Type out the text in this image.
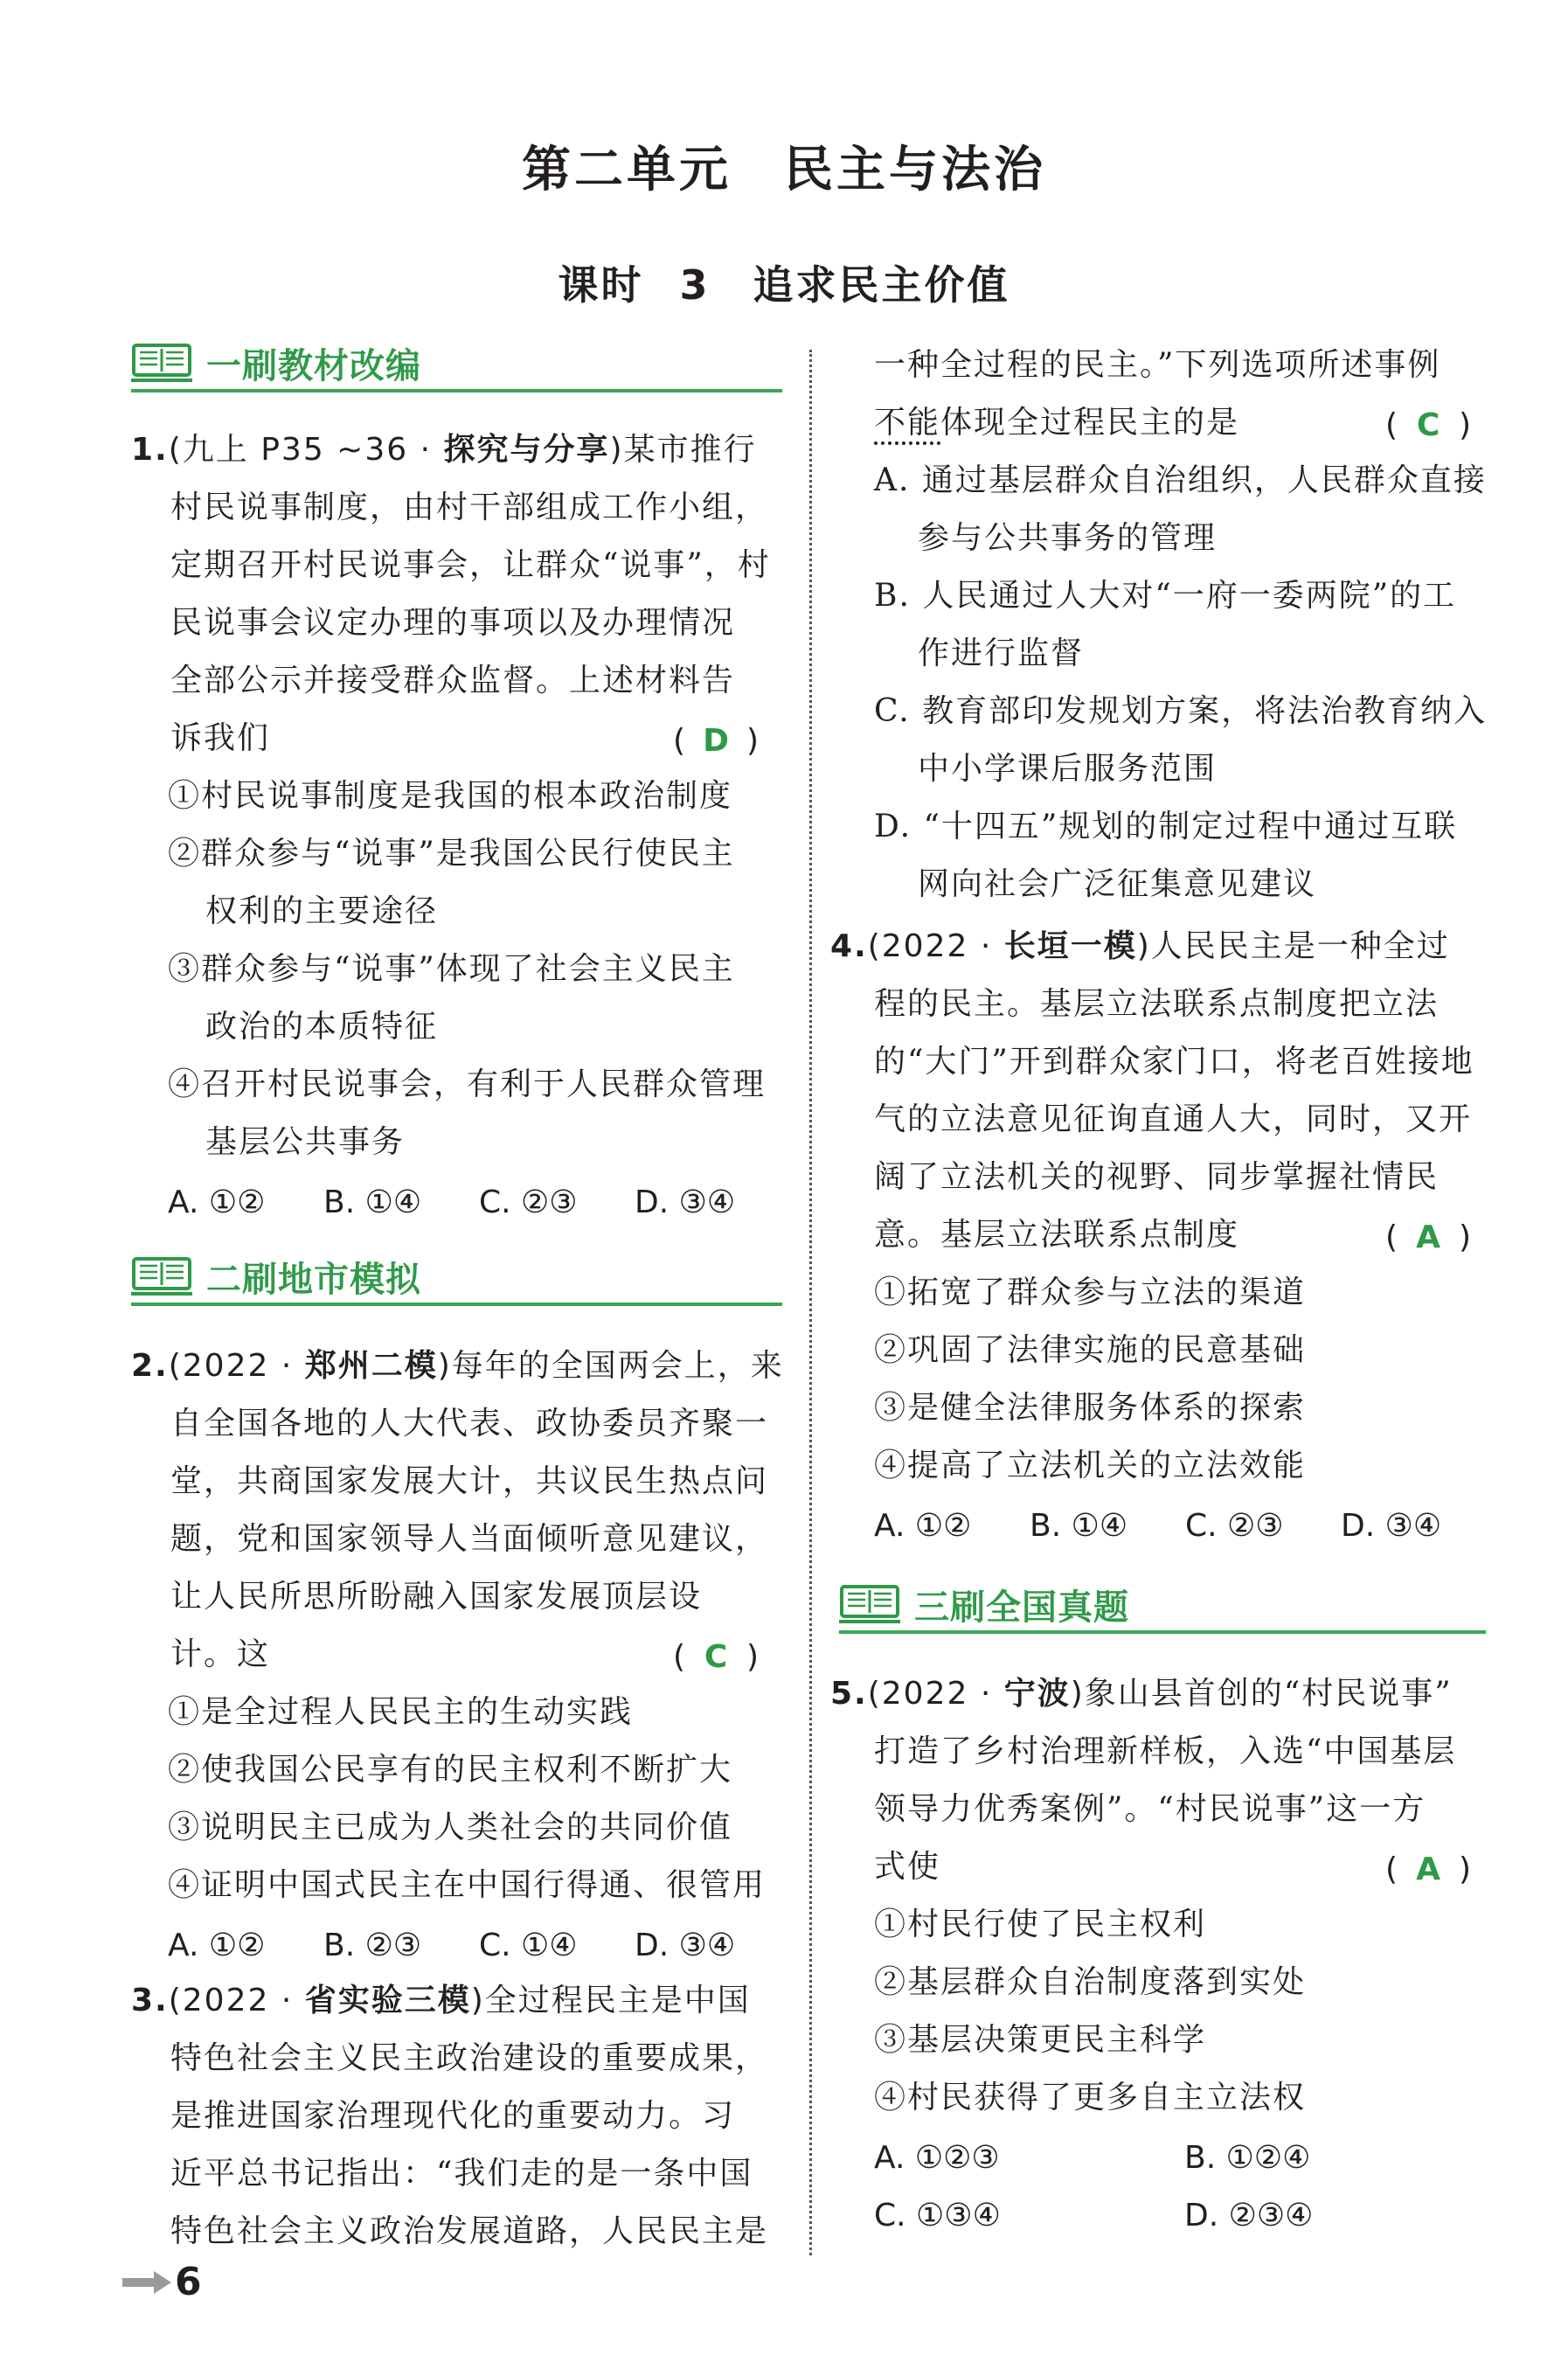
第二单元　民主与法治
课时 3　追求民主价值
一刷教材改编
1.(九上 P35 ~36 · 探究与分享)某市推行
村民说事制度，由村干部组成工作小组，
定期召开村民说事会，让群众“说事”，村
民说事会议定办理的事项以及办理情况
全部公示并接受群众监督。上述材料告
诉我们	( D )
①村民说事制度是我国的根本政治制度
②群众参与“说事”是我国公民行使民主
权利的主要途径
③群众参与“说事”体现了社会主义民主
政治的本质特征
④召开村民说事会，有利于人民群众管理
基层公共事务
A. ①② B. ①④ C. ②③ D. ③④
二刷地市模拟
2.(2022 · 郑州二模)每年的全国两会上，来
自全国各地的人大代表、政协委员齐聚一
堂，共商国家发展大计，共议民生热点问
题，党和国家领导人当面倾听意见建议，
让人民所思所盼融入国家发展顶层设
计。这	( C )
①是全过程人民民主的生动实践
②使我国公民享有的民主权利不断扩大
③说明民主已成为人类社会的共同价值
④证明中国式民主在中国行得通、很管用
A. ①② B. ②③ C. ①④ D. ③④
3.(2022 · 省实验三模)全过程民主是中国
特色社会主义民主政治建设的重要成果，
是推进国家治理现代化的重要动力。习
近平总书记指出：“我们走的是一条中国
特色社会主义政治发展道路，人民民主是
一种全过程的民主。”下列选项所述事例
不能体现全过程民主的是	( C )
A. 通过基层群众自治组织，人民群众直接
参与公共事务的管理
B. 人民通过人大对“一府一委两院”的工
作进行监督
C. 教育部印发规划方案，将法治教育纳入
中小学课后服务范围
D. “十四五”规划的制定过程中通过互联
网向社会广泛征集意见建议
4.(2022 · 长垣一模)人民民主是一种全过
程的民主。基层立法联系点制度把立法
的“大门”开到群众家门口，将老百姓接地
气的立法意见征询直通人大，同时，又开
阔了立法机关的视野、同步掌握社情民
意。基层立法联系点制度	( A )
①拓宽了群众参与立法的渠道
②巩固了法律实施的民意基础
③是健全法律服务体系的探索
④提高了立法机关的立法效能
A. ①② B. ①④ C. ②③ D. ③④
三刷全国真题
5.(2022 · 宁波)象山县首创的“村民说事”
打造了乡村治理新样板，入选“中国基层
领导力优秀案例”。“村民说事”这一方
式使	( A )
①村民行使了民主权利
②基层群众自治制度落到实处
③基层决策更民主科学
④村民获得了更多自主立法权
A. ①②③	B. ①②④
C. ①③④	D. ②③④
6
